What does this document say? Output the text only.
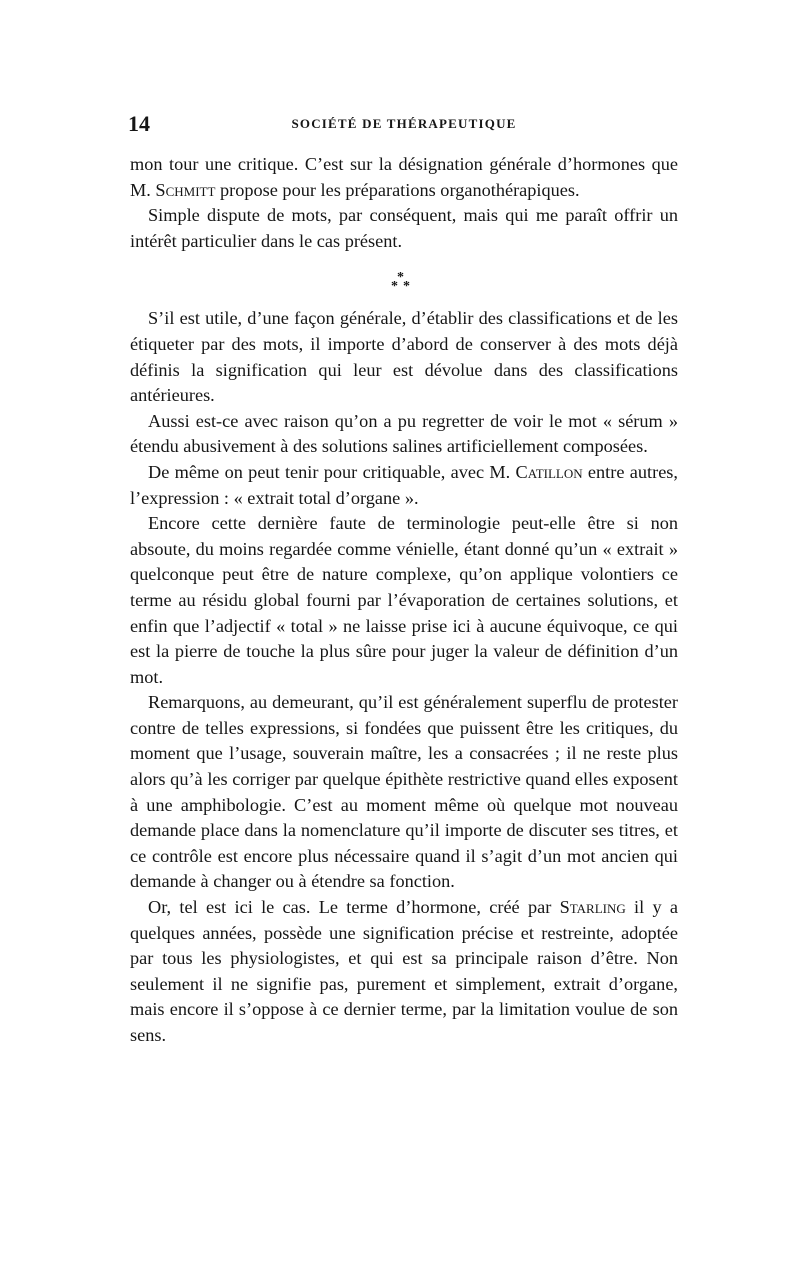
14	SOCIÉTÉ DE THÉRAPEUTIQUE

mon tour une critique. C’est sur la désignation générale d’hormones que M. Schmitt propose pour les préparations organothérapiques.

Simple dispute de mots, par conséquent, mais qui me paraît offrir un intérêt particulier dans le cas présent.

*
* *

S’il est utile, d’une façon générale, d’établir des classifications et de les étiqueter par des mots, il importe d’abord de conserver à des mots déjà définis la signification qui leur est dévolue dans des classifications antérieures.

Aussi est-ce avec raison qu’on a pu regretter de voir le mot « sérum » étendu abusivement à des solutions salines artificiellement composées.

De même on peut tenir pour critiquable, avec M. Catillon entre autres, l’expression : « extrait total d’organe ».

Encore cette dernière faute de terminologie peut-elle être si non absoute, du moins regardée comme vénielle, étant donné qu’un « extrait » quelconque peut être de nature complexe, qu’on applique volontiers ce terme au résidu global fourni par l’évaporation de certaines solutions, et enfin que l’adjectif « total » ne laisse prise ici à aucune équivoque, ce qui est la pierre de touche la plus sûre pour juger la valeur de définition d’un mot.

Remarquons, au demeurant, qu’il est généralement superflu de protester contre de telles expressions, si fondées que puissent être les critiques, du moment que l’usage, souverain maître, les a consacrées ; il ne reste plus alors qu’à les corriger par quelque épithète restrictive quand elles exposent à une amphibologie. C’est au moment même où quelque mot nouveau demande place dans la nomenclature qu’il importe de discuter ses titres, et ce contrôle est encore plus nécessaire quand il s’agit d’un mot ancien qui demande à changer ou à étendre sa fonction.

Or, tel est ici le cas. Le terme d’hormone, créé par Starling il y a quelques années, possède une signification précise et restreinte, adoptée par tous les physiologistes, et qui est sa principale raison d’être. Non seulement il ne signifie pas, purement et simplement, extrait d’organe, mais encore il s’oppose à ce dernier terme, par la limitation voulue de son sens.
